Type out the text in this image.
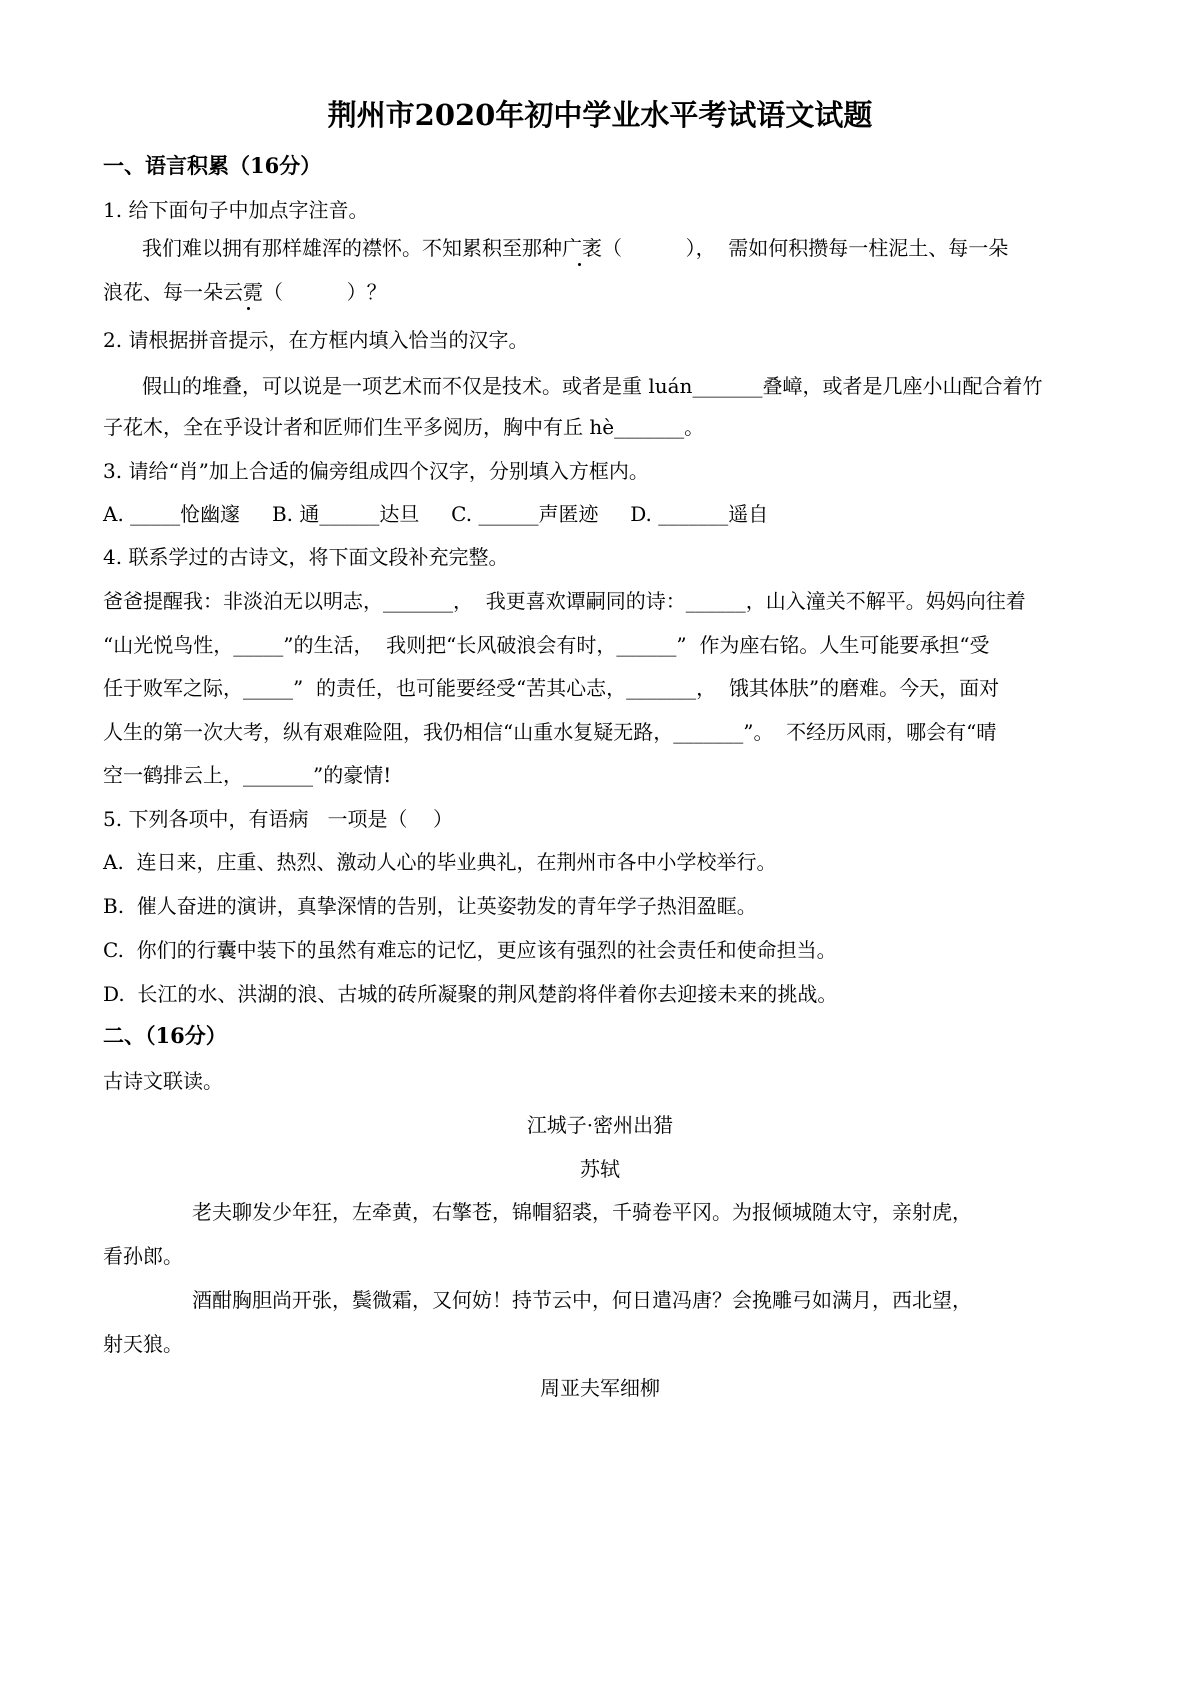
荆州市2020年初中学业水平考试语文试题
一、语言积累（16分）
1. 给下面句子中加点字注音。
我们难以拥有那样雄浑的襟怀。不知累积至那种广袤（          ），  需如何积攒每一柱泥土、每一朵
浪花、每一朵云霓（          ）？
2. 请根据拼音提示，在方框内填入恰当的汉字。
假山的堆叠，可以说是一项艺术而不仅是技术。或者是重 luán_______叠嶂，或者是几座小山配合着竹
子花木，全在乎设计者和匠师们生平多阅历，胸中有丘 hè_______。
3. 请给“肖”加上合适的偏旁组成四个汉字，分别填入方框内。
A. _____怆幽邃     B. 通______达旦     C. ______声匿迹     D. _______遥自
4. 联系学过的古诗文，将下面文段补充完整。
爸爸提醒我：非淡泊无以明志，_______，  我更喜欢谭嗣同的诗：______，山入潼关不解平。妈妈向往着
“山光悦鸟性，_____”的生活，  我则把“长风破浪会有时，______”  作为座右铭。人生可能要承担“受
任于败军之际，_____”  的责任，也可能要经受“苦其心志，_______，  饿其体肤”的磨难。今天，面对
人生的第一次大考，纵有艰难险阻，我仍相信“山重水复疑无路，_______”。  不经历风雨，哪会有“晴
空一鹤排云上，_______”的豪情!
5. 下列各项中，有语病   一项是（    ）
A.  连日来，庄重、热烈、激动人心的毕业典礼，在荆州市各中小学校举行。
B.  催人奋进的演讲，真挚深情的告别，让英姿勃发的青年学子热泪盈眶。
C.  你们的行囊中装下的虽然有难忘的记忆，更应该有强烈的社会责任和使命担当。
D.  长江的水、洪湖的浪、古城的砖所凝聚的荆风楚韵将伴着你去迎接未来的挑战。
二、（16分）
古诗文联读。
江城子·密州出猎
苏轼
老夫聊发少年狂，左牵黄，右擎苍，锦帽貂裘，千骑卷平冈。为报倾城随太守，亲射虎，
看孙郎。
酒酣胸胆尚开张，鬓微霜，又何妨！持节云中，何日遣冯唐？会挽雕弓如满月，西北望，
射天狼。
周亚夫军细柳
